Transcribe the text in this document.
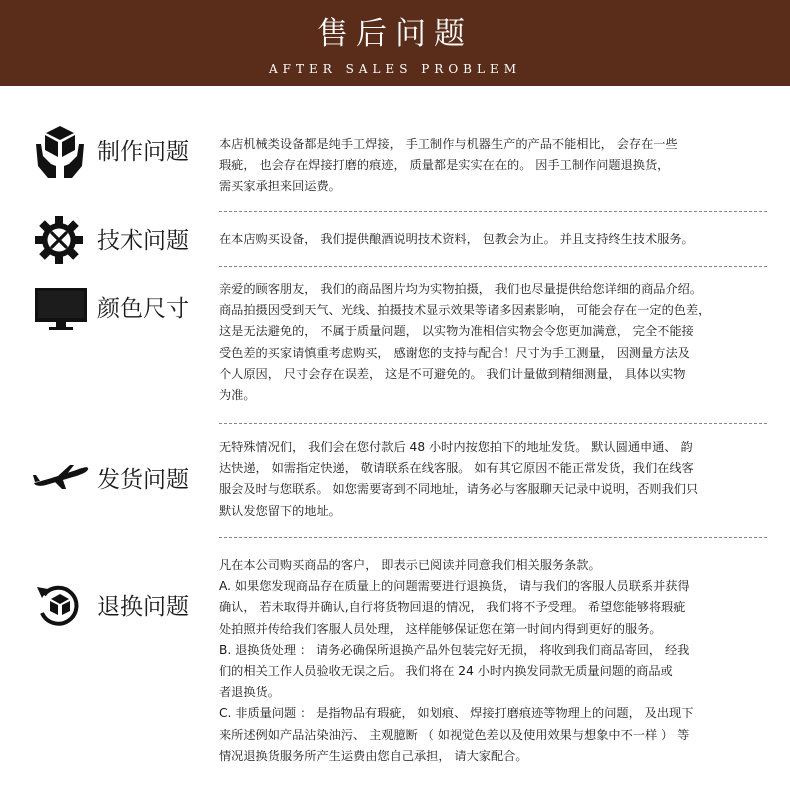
售后问题
AFTER SALES PROBLEM
制作问题 本店机械类设备都是纯手工焊接， 手工制作与机器生产的产品不能相比， 会存在一些

瑕疵， 也会存在焊接打磨的痕迹， 质量都是实实在在的。 因手工制作问题退换货，

需买家承担来回运费。

技术问题 在本店购买设备， 我们提供酿酒说明技术资料， 包教会为止。 并且支持终生技术服务。

颜色尺寸

亲爱的顾客朋友， 我们的商品图片均为实物拍摄， 我们也尽量提供给您详细的商品介绍。

商品拍摄因受到天气、光线、拍摄技术显示效果等诸多因素影响， 可能会存在一定的色差，

这是无法避免的， 不属于质量问题， 以实物为准相信实物会令您更加满意， 完全不能接

受色差的买家请慎重考虑购买， 感谢您的支持与配合！尺寸为手工测量， 因测量方法及

个人原因， 尺寸会存在误差， 这是不可避免的。 我们计量做到精细测量， 具体以实物

为准。

发货问题

无特殊情况们， 我们会在您付款后 48 小时内按您拍下的地址发货。 默认圆通申通、 韵

达快递， 如需指定快递， 敬请联系在线客服。 如有其它原因不能正常发货，我们在线客

服会及时与您联系。 如您需要寄到不同地址，请务必与客服聊天记录中说明，否则我们只

默认发您留下的地址。

退换问题

凡在本公司购买商品的客户， 即表示已阅读并同意我们相关服务条款。

A. 如果您发现商品存在质量上的问题需要进行退换货， 请与我们的客服人员联系并获得

确认， 若未取得并确认,自行将货物回退的情况， 我们将不予受理。 希望您能够将瑕疵

处拍照并传给我们客服人员处理， 这样能够保证您在第一时间内得到更好的服务。

B. 退换货处理 ： 请务必确保所退换产品外包装完好无损， 将收到我们商品寄回， 经我

们的相关工作人员验收无误之后。 我们将在 24 小时内换发同款无质量问题的商品或

者退换货。

C. 非质量问题 ： 是指物品有瑕疵， 如划痕、 焊接打磨痕迹等物理上的问题， 及出现下

来所述例如产品沾染油污、 主观臆断 （ 如视觉色差以及使用效果与想象中不一样 ） 等

情况退换货服务所产生运费由您自己承担， 请大家配合。
